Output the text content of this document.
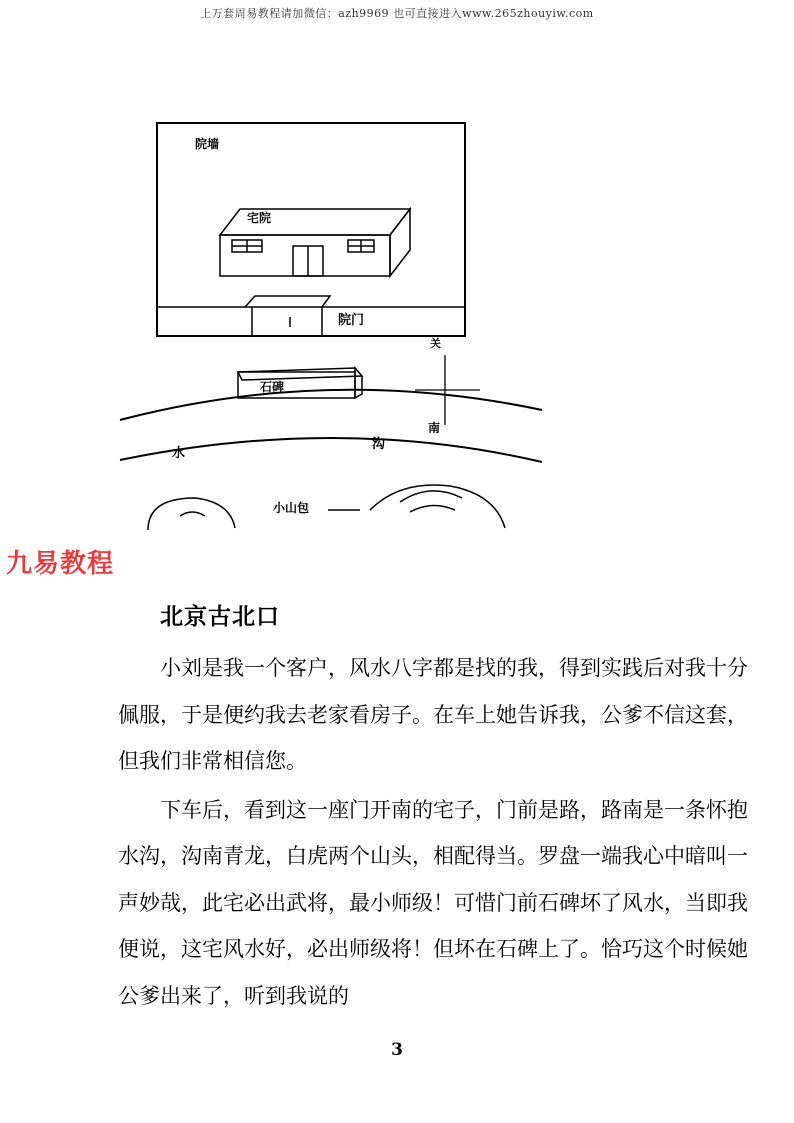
上万套周易教程请加微信：azh9969 也可直接进入www.265zhouyiw.com
院墙
宅院
院门
石碑
关
水
沟
南
小山包
九易教程
北京古北口

小刘是我一个客户，风水八字都是找的我，得到实践后对我十分佩服，于是便约我去老家看房子。在车上她告诉我，公爹不信这套，但我们非常相信您。

下车后，看到这一座门开南的宅子，门前是路，路南是一条怀抱水沟，沟南青龙，白虎两个山头，相配得当。罗盘一端我心中暗叫一声妙哉，此宅必出武将，最小师级！可惜门前石碑坏了风水，当即我便说，这宅风水好，必出师级将！但坏在石碑上了。恰巧这个时候她公爹出来了，听到我说的

3
